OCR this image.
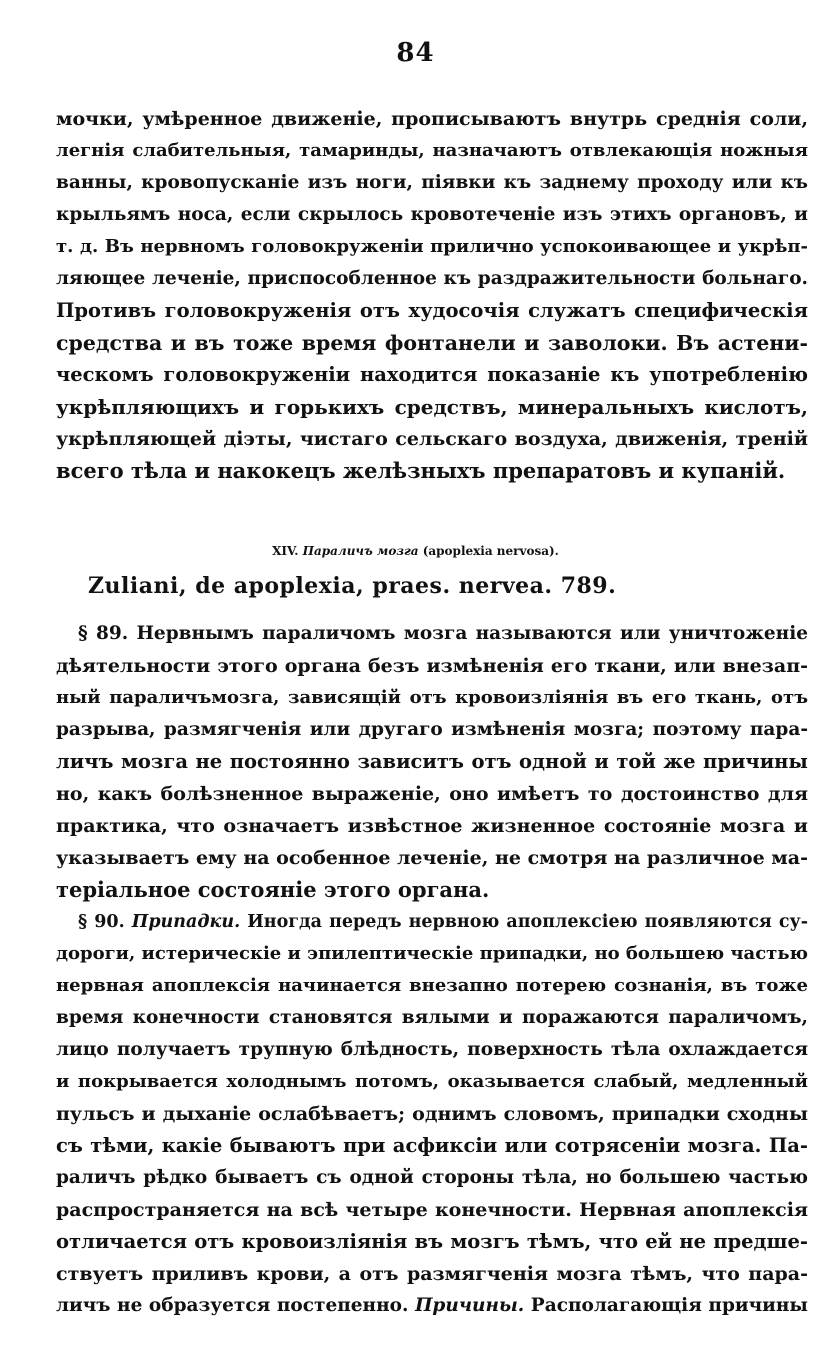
84
мочки, умѣренное движенiе, прописываютъ внутрь среднiя соли,
легнiя слабительныя, тамаринды, назначаютъ отвлекающiя ножныя
ванны, кровопусканiе изъ ноги, пiявки къ заднему проходу или къ
крыльямъ носа, если скрылось кровотеченiе изъ этихъ органовъ, и
т. д. Въ нервномъ головокруженiи прилично успокоивающее и укрѣп-
ляющее леченiе, приспособленное къ раздражительности больнаго.
Противъ головокруженiя отъ худосочiя служатъ специфическiя
средства и въ тоже время фонтанели и заволоки. Въ астени-
ческомъ головокруженiи находится показанiе къ употребленiю
укрѣпляющихъ и горькихъ средствъ, минеральныхъ кислотъ,
укрѣпляющей дiэты, чистаго сельскаго воздуха, движенiя, тренiй
всего тѣла и накокецъ желѣзныхъ препаратовъ и купанiй.
XIV. Параличъ мозга (apoplexia nervosa).
Zuliani, de apoplexia, praes. nervea. 789.
§ 89. Нервнымъ параличомъ мозга называются или уничтоженiе
дѣятельности этого органа безъ измѣненiя его ткани, или внезап-
ный параличъмозга, зависящiй отъ кровоизлiянiя въ его ткань, отъ
разрыва, размягченiя или другаго измѣненiя мозга; поэтому пара-
личъ мозга не постоянно зависитъ отъ одной и той же причины
но, какъ болѣзненное выраженiе, оно имѣетъ то достоинство для
практика, что означаетъ извѣстное жизненное состоянiе мозга и
указываетъ ему на особенное леченiе, не смотря на различное ма-
терiальное состоянiе этого органа.
§ 90. Припадки. Иногда передъ нервною апоплексiею появляются су-
дороги, истерическiе и эпилептическiе припадки, но большею частью
нервная апоплексiя начинается внезапно потерею сознанiя, въ тоже
время конечности становятся вялыми и поражаются параличомъ,
лицо получаетъ трупную блѣдность, поверхность тѣла охлаждается
и покрывается холоднымъ потомъ, оказывается слабый, медленный
пульсъ и дыханiе ослабѣваетъ; однимъ словомъ, припадки сходны
съ тѣми, какiе бываютъ при асфиксiи или сотрясенiи мозга. Па-
раличъ рѣдко бываетъ съ одной стороны тѣла, но большею частью
распространяется на всѣ четыре конечности. Нервная апоплексiя
отличается отъ кровоизлiянiя въ мозгъ тѣмъ, что ей не предше-
ствуетъ приливъ крови, а отъ размягченiя мозга тѣмъ, что пара-
личъ не образуется постепенно. Причины. Располагающiя причины
